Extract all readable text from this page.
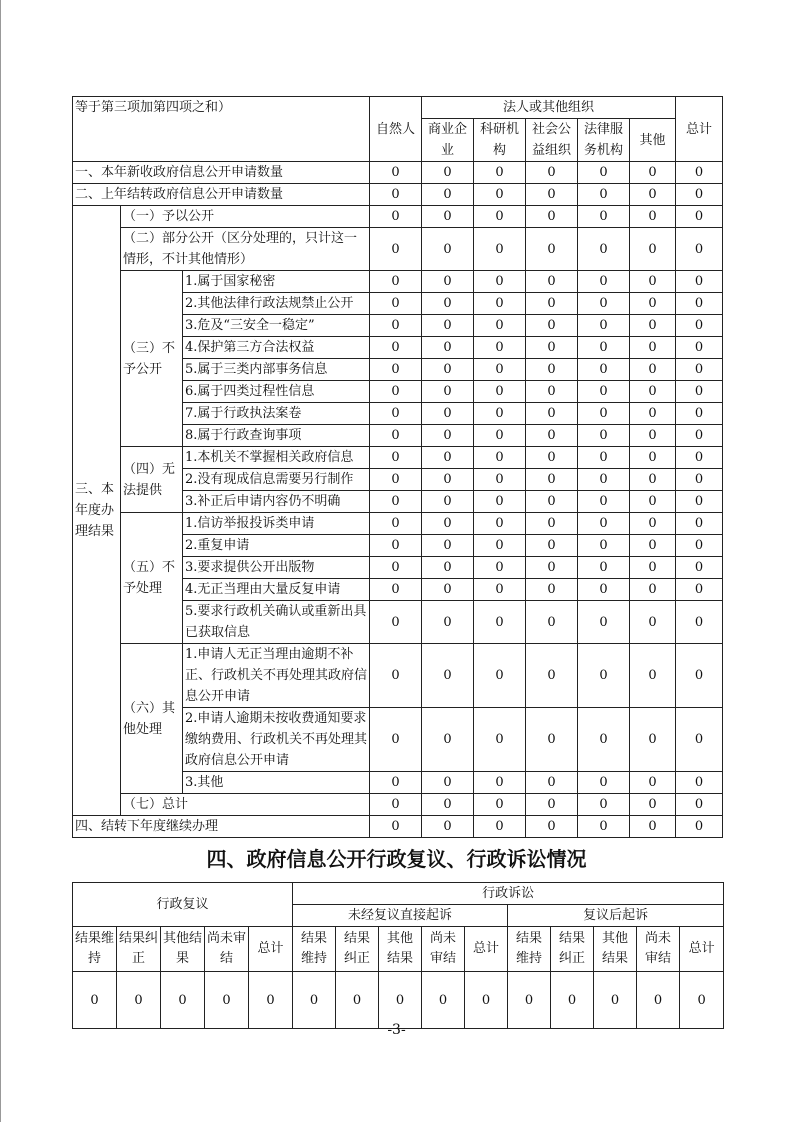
等于第三项加第四项之和）			自然人	法人或其他组织					总计
				商业企业	科研机构	社会公益组织	法律服务机构	其他	
一、本年新收政府信息公开申请数量			0	0	0	0	0	0	0
二、上年结转政府信息公开申请数量			0	0	0	0	0	0	0
三、本年度办理结果	（一）予以公开		0	0	0	0	0	0	0
	（二）部分公开（区分处理的，只计这一情形，不计其他情形）		0	0	0	0	0	0	0
	（三）不予公开	1.属于国家秘密	0	0	0	0	0	0	0
		2.其他法律行政法规禁止公开	0	0	0	0	0	0	0
		3.危及“三安全一稳定”	0	0	0	0	0	0	0
		4.保护第三方合法权益	0	0	0	0	0	0	0
		5.属于三类内部事务信息	0	0	0	0	0	0	0
		6.属于四类过程性信息	0	0	0	0	0	0	0
		7.属于行政执法案卷	0	0	0	0	0	0	0
		8.属于行政查询事项	0	0	0	0	0	0	0
	（四）无法提供	1.本机关不掌握相关政府信息	0	0	0	0	0	0	0
		2.没有现成信息需要另行制作	0	0	0	0	0	0	0
		3.补正后申请内容仍不明确	0	0	0	0	0	0	0
	（五）不予处理	1.信访举报投诉类申请	0	0	0	0	0	0	0
		2.重复申请	0	0	0	0	0	0	0
		3.要求提供公开出版物	0	0	0	0	0	0	0
		4.无正当理由大量反复申请	0	0	0	0	0	0	0
		5.要求行政机关确认或重新出具已获取信息	0	0	0	0	0	0	0
	（六）其他处理	1.申请人无正当理由逾期不补正、行政机关不再处理其政府信息公开申请	0	0	0	0	0	0	0
		2.申请人逾期未按收费通知要求缴纳费用、行政机关不再处理其政府信息公开申请	0	0	0	0	0	0	0
		3.其他	0	0	0	0	0	0	0
	（七）总计		0	0	0	0	0	0	0
四、结转下年度继续办理			0	0	0	0	0	0	0
四、政府信息公开行政复议、行政诉讼情况
行政复议					行政诉讼									
					未经复议直接起诉					复议后起诉				
结果维持	结果纠正	其他结果	尚未审结	总计	结果维持	结果纠正	其他结果	尚未审结	总计	结果维持	结果纠正	其他结果	尚未审结	总计
0	0	0	0	0	0	0	0	0	0	0	0	0	0	0
-3-
